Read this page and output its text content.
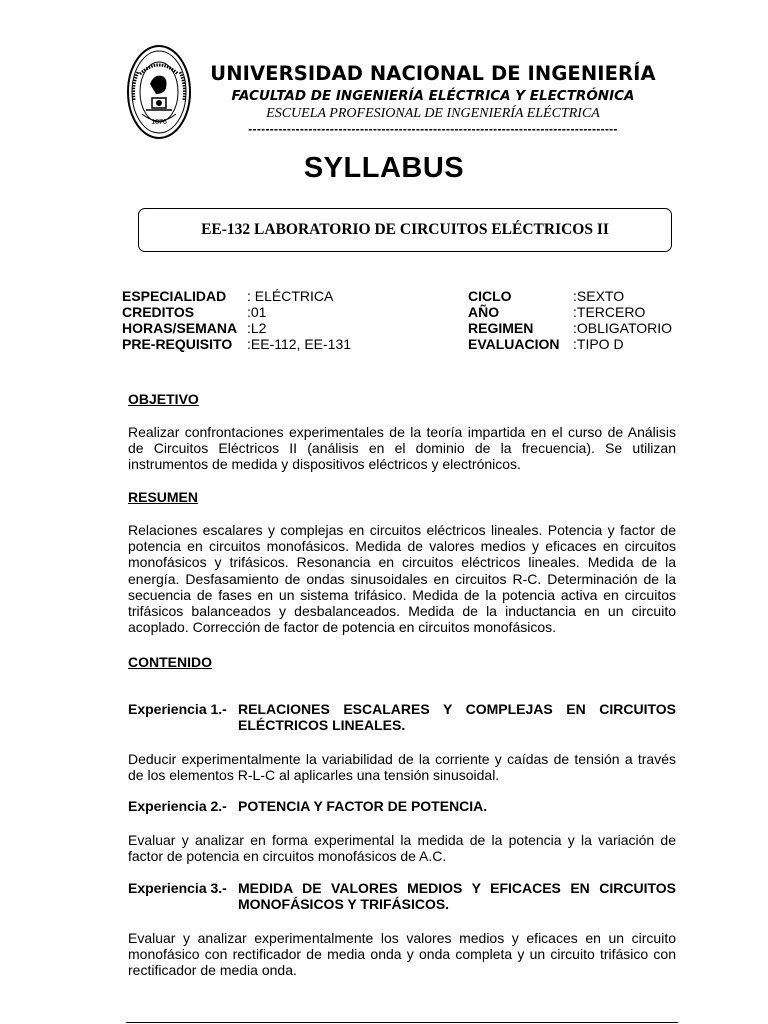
1876
UNIVERSIDAD NACIONAL DE INGENIERÍA
FACULTAD DE INGENIERÍA ELÉCTRICA Y ELECTRÓNICA
ESCUELA PROFESIONAL DE INGENIERÍA ELÉCTRICA
--------------------------------------------------------------------------------------
SYLLABUS
EE-132 LABORATORIO DE CIRCUITOS ELÉCTRICOS II
ESPECIALIDAD
CREDITOS
HORAS/SEMANA
PRE-REQUISITO
: ELÉCTRICA
:01
:L2
:EE-112, EE-131
CICLO
AÑO
REGIMEN
EVALUACION
:SEXTO
:TERCERO
:OBLIGATORIO
:TIPO D
OBJETIVO
Realizar confrontaciones experimentales de la teoría impartida en el curso de Análisis de Circuitos Eléctricos II (análisis en el dominio de la frecuencia). Se utilizan instrumentos de medida y dispositivos eléctricos y electrónicos.
RESUMEN
Relaciones escalares y complejas en circuitos eléctricos lineales. Potencia y factor de potencia en circuitos monofásicos. Medida de valores medios y eficaces en circuitos monofásicos y trifásicos. Resonancia en circuitos eléctricos lineales. Medida de la energía. Desfasamiento de ondas sinusoidales en circuitos R-C. Determinación de la secuencia de fases en un sistema trifásico. Medida de la potencia activa en circuitos trifásicos balanceados y desbalanceados. Medida de la inductancia en un circuito acoplado. Corrección de factor de potencia en circuitos monofásicos.
CONTENIDO
Experiencia 1.- RELACIONES ESCALARES Y COMPLEJAS EN CIRCUITOS ELÉCTRICOS LINEALES.
Deducir experimentalmente la variabilidad de la corriente y caídas de tensión a través de los elementos R-L-C al aplicarles una tensión sinusoidal.
Experiencia 2.- POTENCIA Y FACTOR DE POTENCIA.
Evaluar y analizar en forma experimental la medida de la potencia y la variación de factor de potencia en circuitos monofásicos de A.C.
Experiencia 3.- MEDIDA DE VALORES MEDIOS Y EFICACES EN CIRCUITOS MONOFÁSICOS Y TRIFÁSICOS.
Evaluar y analizar experimentalmente los valores medios y eficaces en un circuito monofásico con rectificador de media onda y onda completa y un circuito trifásico con rectificador de media onda.
